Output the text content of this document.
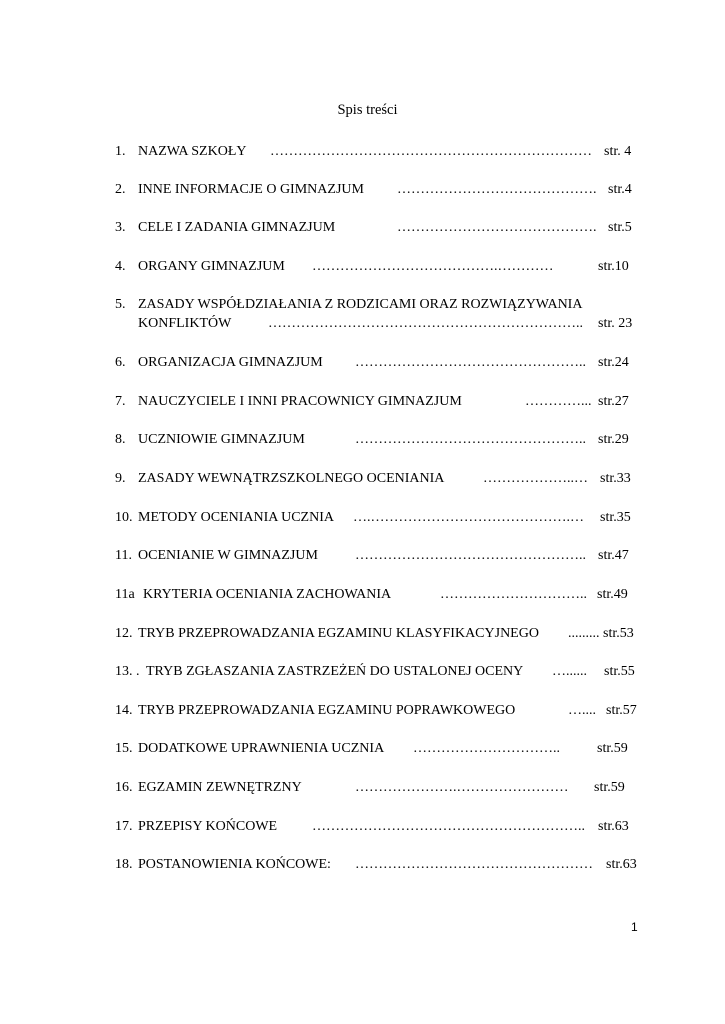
Spis treści
1. NAZWA SZKOŁY …………………………………………………………… str. 4
2. INNE INFORMACJE O GIMNAZJUM ……………………………………. str.4
3. CELE I ZADANIA GIMNAZJUM	……………………………………. str.5
4. ORGANY GIMNAZJUM ………………………………….…………	str.10
5. ZASADY WSPÓŁDZIAŁANIA Z RODZICAMI ORAZ ROZWIĄZYWANIA
KONFLIKTÓW	………………………………………………………….. str. 23
6. ORGANIZACJA GIMNAZJUM ………………………………………….. str.24
7. NAUCZYCIELE I INNI PRACOWNICY GIMNAZJUM	…………... str.27
8. UCZNIOWIE GIMNAZJUM	………………………………………….. str.29
9. ZASADY WEWNĄTRZSZKOLNEGO OCENIANIA	………………..… str.33
10. METODY OCENIANIA UCZNIA ….…………………………………….… str.35
11. OCENIANIE W GIMNAZJUM	………………………………………….. str.47
11a KRYTERIA OCENIANIA ZACHOWANIA	………………………….. str.49
12. TRYB PRZEPROWADZANIA EGZAMINU KLASYFIKACYJNEGO ......... str.53
13. . TRYB ZGŁASZANIA ZASTRZEŻEŃ DO USTALONEJ OCENY …...... str.55
14. TRYB PRZEPROWADZANIA EGZAMINU POPRAWKOWEGO	….... str.57
15. DODATKOWE UPRAWNIENIA UCZNIA …………………………..	str.59
16. EGZAMIN ZEWNĘTRZNY	………………….…………………… str.59
17. PRZEPISY KOŃCOWE ………………………………………………….. str.63
18. POSTANOWIENIA KOŃCOWE: …………………………………………… str.63
1
